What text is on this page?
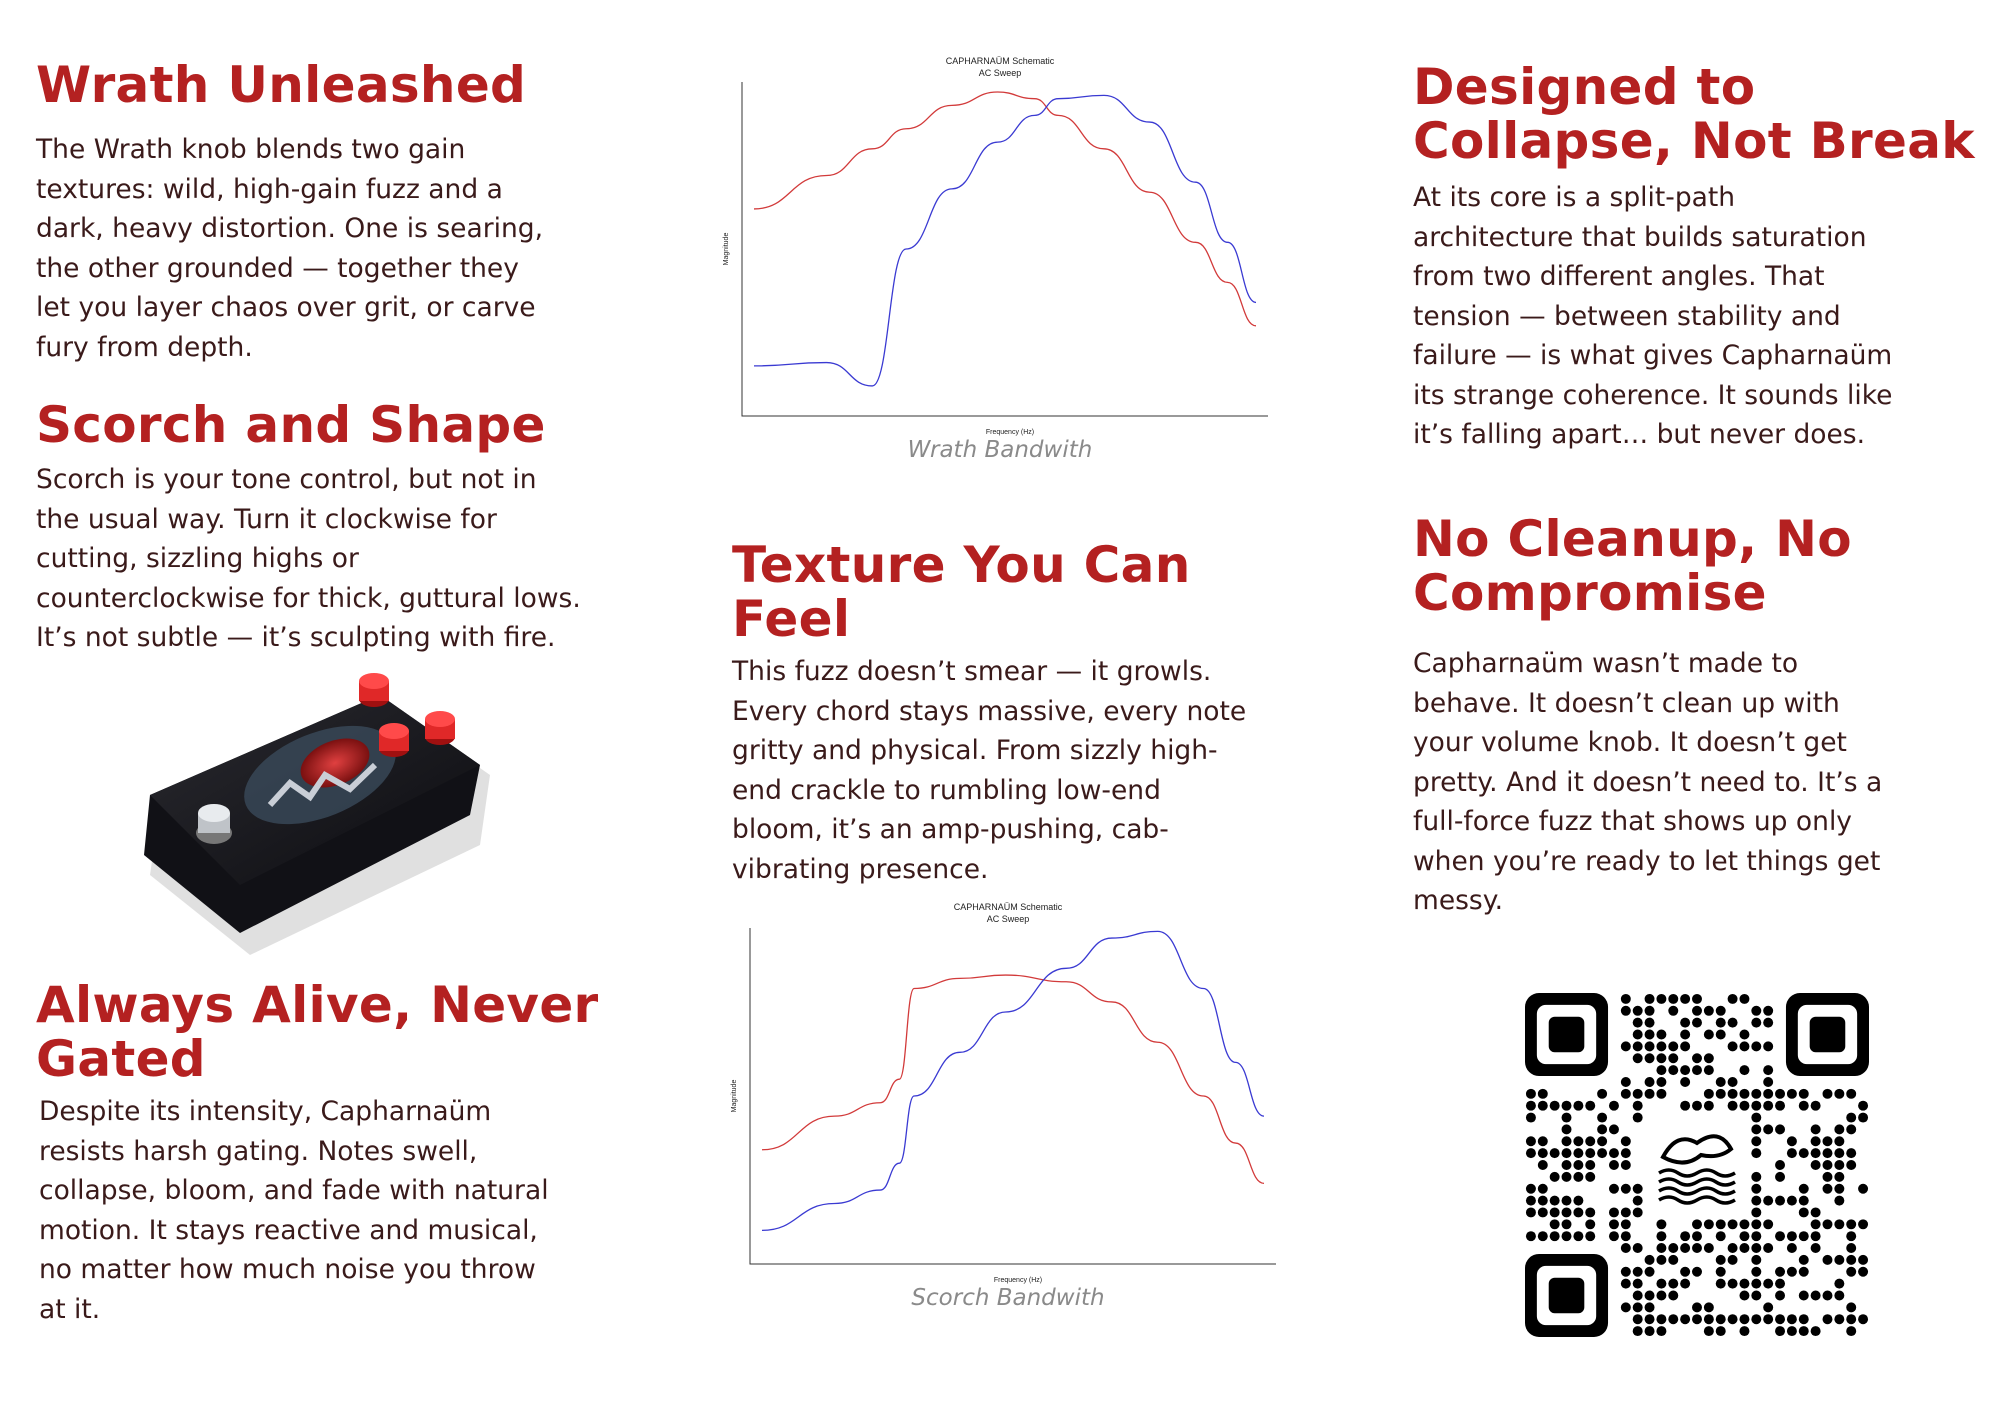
Wrath Unleashed

The Wrath knob blends two gain
textures: wild, high-gain fuzz and a
dark, heavy distortion. One is searing,
the other grounded — together they
let you layer chaos over grit, or carve
fury from depth.

Scorch and Shape

Scorch is your tone control, but not in
the usual way. Turn it clockwise for
cutting, sizzling highs or
counterclockwise for thick, guttural lows.
It’s not subtle — it’s sculpting with fire.

Always Alive, Never Gated

Despite its intensity, Capharnaüm
resists harsh gating. Notes swell,
collapse, bloom, and fade with natural
motion. It stays reactive and musical,
no matter how much noise you throw
at it.

CAPHARNAÜM Schematic
AC Sweep
Frequency (Hz)
Magnitude
Wrath Bandwith
Texture You Can Feel

This fuzz doesn’t smear — it growls.
Every chord stays massive, every note
gritty and physical. From sizzly high-
end crackle to rumbling low-end
bloom, it’s an amp-pushing, cab-
vibrating presence.

CAPHARNAÜM Schematic
AC Sweep
Frequency (Hz)
Magnitude
Scorch Bandwith
Designed to Collapse, Not Break

At its core is a split-path
architecture that builds saturation
from two different angles. That
tension — between stability and
failure — is what gives Capharnaüm
its strange coherence. It sounds like
it’s falling apart… but never does.

No Cleanup, No Compromise

Capharnaüm wasn’t made to
behave. It doesn’t clean up with
your volume knob. It doesn’t get
pretty. And it doesn’t need to. It’s a
full-force fuzz that shows up only
when you’re ready to let things get
messy.
